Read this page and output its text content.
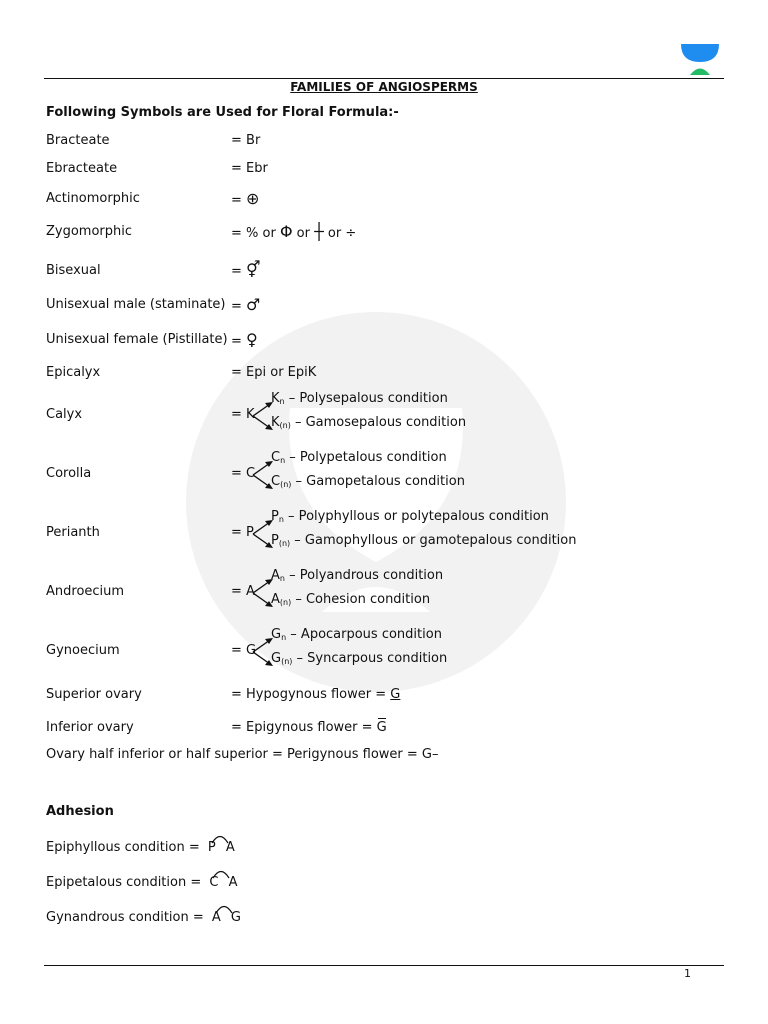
FAMILIES OF ANGIOSPERMS
Following Symbols are Used for Floral Formula:-
Bracteate	= Br
Ebracteate	= Ebr
Actinomorphic	= ⊕
Zygomorphic	= % or Φ or ┼ or ÷
Bisexual	= ⚥
Unisexual male (staminate) = ♂
Unisexual female (Pistillate) = ♀
Epicalyx	= Epi or EpiK
Calyx	= K
$K_n$ – Polysepalous condition
$K_{(n)}$ – Gamosepalous condition
Corolla	= C
$C_n$ – Polypetalous condition
$C_{(n)}$ – Gamopetalous condition
Perianth	= P
$P_n$ – Polyphyllous or polytepalous condition
$P_{(n)}$ – Gamophyllous or gamotepalous condition
Androecium	= A
$A_n$ – Polyandrous condition
$A_{(n)}$ – Cohesion condition
Gynoecium	= G
$G_n$ – Apocarpous condition
$G_{(n)}$ – Syncarpous condition
Superior ovary	= Hypogynous flower = G
Inferior ovary	= Epigynous flower = G
Ovary half inferior or half superior = Perigynous flower = G–
Adhesion
Epiphyllous condition =
P A
Epipetalous condition =
C A
Gynandrous condition =
A G
1
